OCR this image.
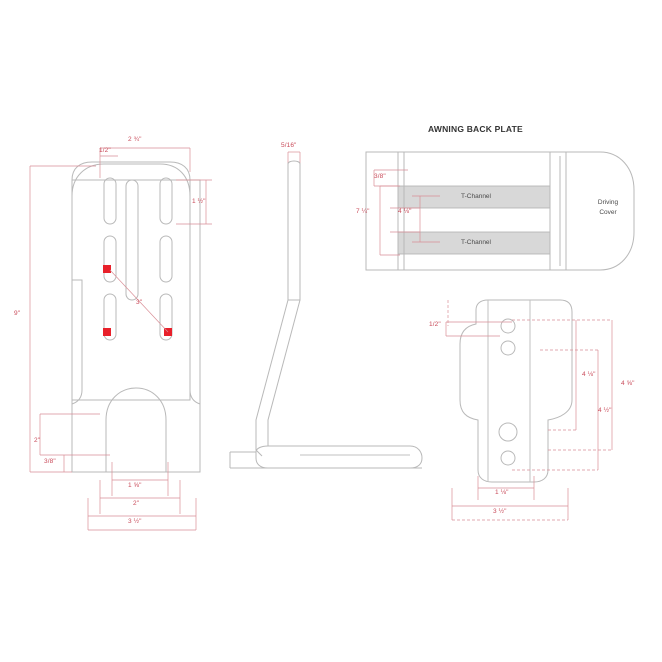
AWNING BACK PLATE
T-Channel
T-Channel
Driving
Cover
2 ¾"
1/2"
1 ½"
3"
9"
2"
3/8"
1 ⅝"
2"
3 ½"
5/16"
3/8"
7 ¼"	4 ⅛"
1/2"
4 ⅛"
4 ⅝"
4 ½"
1 ⅛"
3 ½"
